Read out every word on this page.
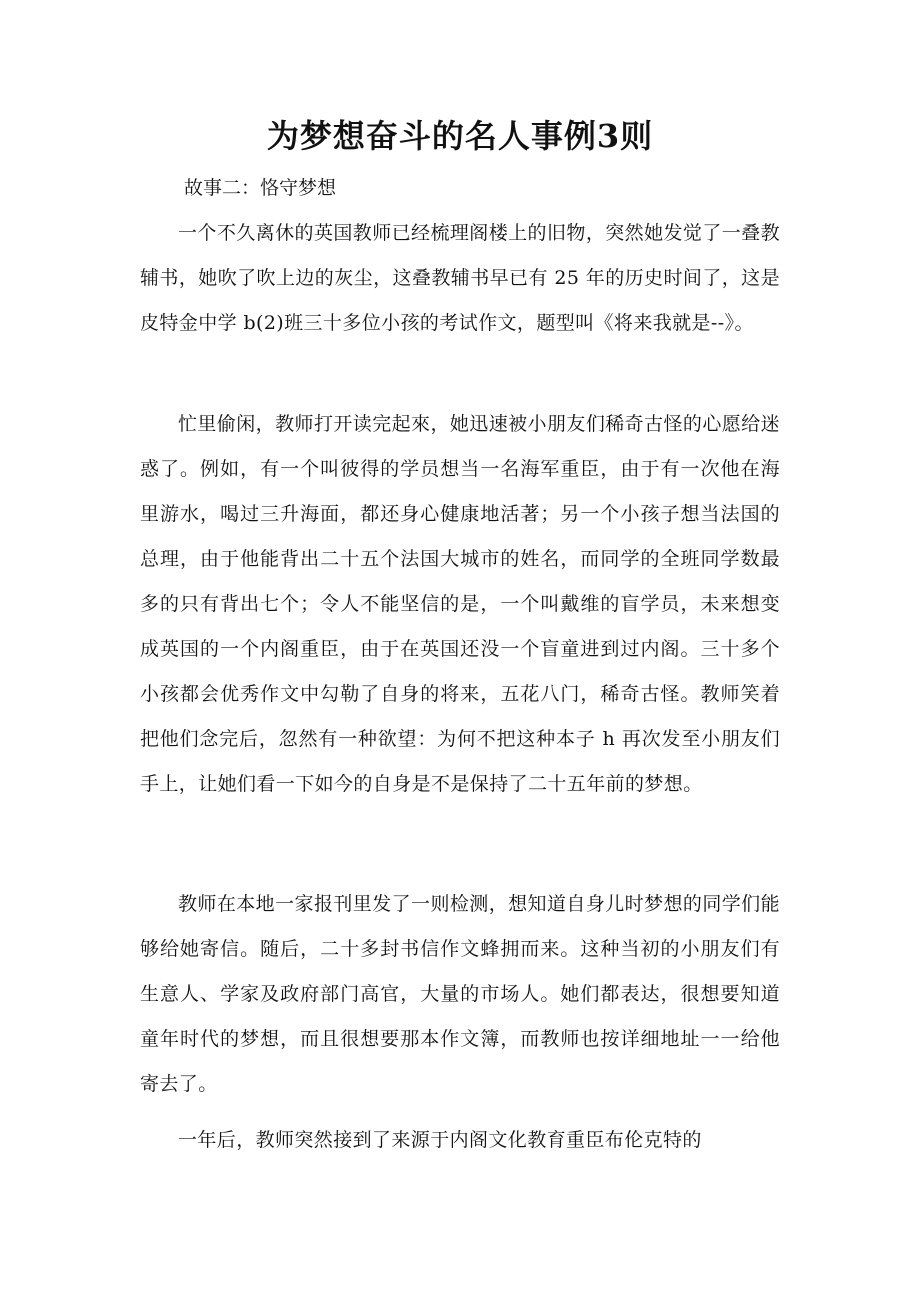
为梦想奋斗的名人事例3则

故事二：恪守梦想

一个不久离休的英国教师已经梳理阁楼上的旧物，突然她发觉了一叠教辅书，她吹了吹上边的灰尘，这叠教辅书早已有 25 年的历史时间了，这是皮特金中学 b(2)班三十多位小孩的考试作文，题型叫《将来我就是--》。

忙里偷闲，教师打开读完起來，她迅速被小朋友们稀奇古怪的心愿给迷惑了。例如，有一个叫彼得的学员想当一名海军重臣，由于有一次他在海里游水，喝过三升海面，都还身心健康地活著；另一个小孩子想当法国的总理，由于他能背出二十五个法国大城市的姓名，而同学的全班同学数最多的只有背出七个；令人不能坚信的是，一个叫戴维的盲学员，未来想变成英国的一个内阁重臣，由于在英国还没一个盲童进到过内阁。三十多个小孩都会优秀作文中勾勒了自身的将来，五花八门，稀奇古怪。教师笑着把他们念完后，忽然有一种欲望：为何不把这种本子 h 再次发至小朋友们手上，让她们看一下如今的自身是不是保持了二十五年前的梦想。

教师在本地一家报刊里发了一则检测，想知道自身儿时梦想的同学们能够给她寄信。随后，二十多封书信作文蜂拥而来。这种当初的小朋友们有生意人、学家及政府部门高官，大量的市场人。她们都表达，很想要知道童年时代的梦想，而且很想要那本作文簿，而教师也按详细地址一一给他寄去了。

一年后，教师突然接到了来源于内阁文化教育重臣布伦克特的
